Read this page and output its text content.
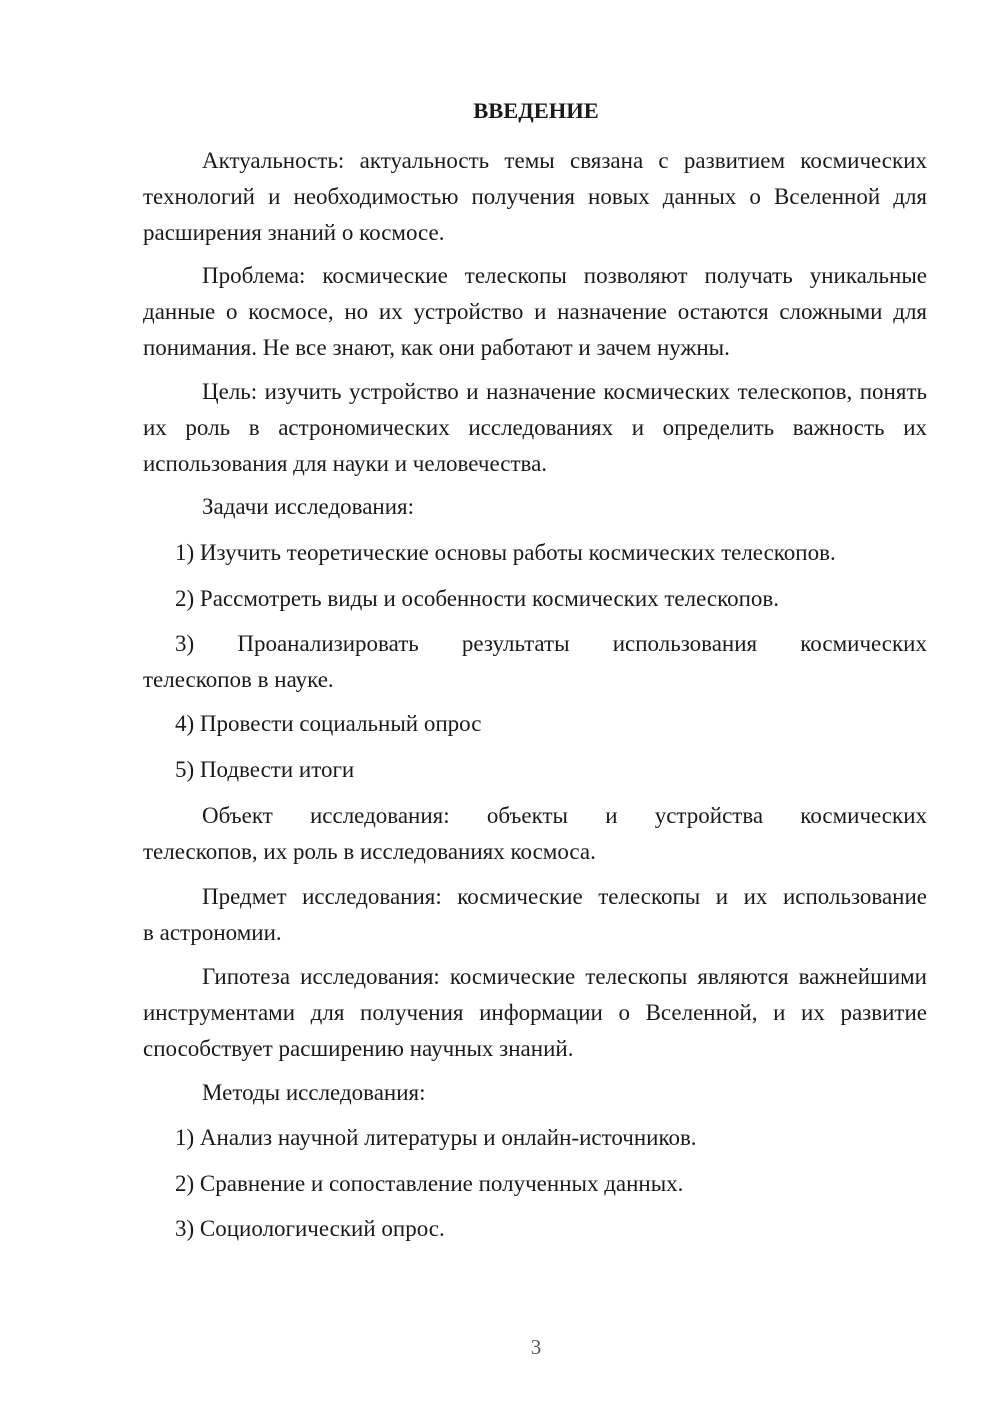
ВВЕДЕНИЕ
Актуальность: актуальность темы связана с развитием космических технологий и необходимостью получения новых данных о Вселенной для расширения знаний о космосе.
Проблема: космические телескопы позволяют получать уникальные данные о космосе, но их устройство и назначение остаются сложными для понимания. Не все знают, как они работают и зачем нужны.
Цель: изучить устройство и назначение космических телескопов, понять их роль в астрономических исследованиях и определить важность их использования для науки и человечества.
Задачи исследования:
1) Изучить теоретические основы работы космических телескопов.
2) Рассмотреть виды и особенности космических телескопов.
3) Проанализировать результаты использования космических
телескопов в науке.
4) Провести социальный опрос
5) Подвести итоги
Объект исследования: объекты и устройства космических
телескопов, их роль в исследованиях космоса.
Предмет исследования: космические телескопы и их использование
в астрономии.
Гипотеза исследования: космические телескопы являются важнейшими инструментами для получения информации о Вселенной, и их развитие способствует расширению научных знаний.
Методы исследования:
1) Анализ научной литературы и онлайн-источников.
2) Сравнение и сопоставление полученных данных.
3) Социологический опрос.
3
